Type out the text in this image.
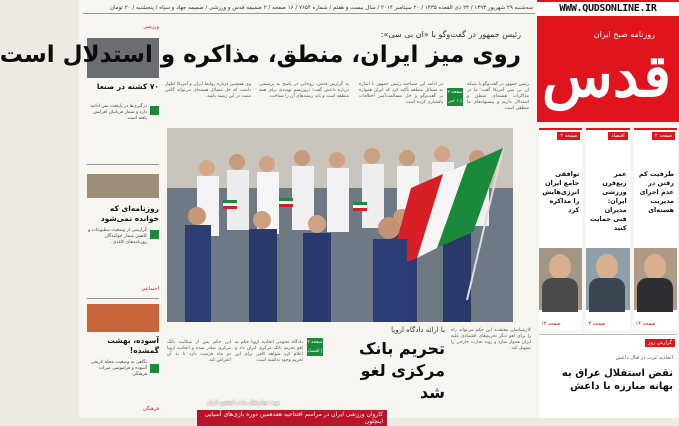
سه‌شنبه ۲۹ شهریور ۱۳۹۳ / ۲۴ ذی القعده ۱۴۳۵ / ۲۰ سپتامبر ۲۰۱۴ / سال بیست و هفتم / شماره ۷۶۵۴ / ۱۶ صفحه / ۲ ضمیمه قدس و ورزشی / ضمیمه جهاد و سپاه / پنجشنبه / ۲۰ تومان	WWW.QUDSONLINE.IR
روزنامه صبح ایران
قدس
صفحه ۲
طرفیت کم رفتن در عدم اجرای مدیریت هسته‌ای
صفحه ۱۴
اقتصاد
عمر ربع‌قرن ورزشی ایران: مدیران فنی حمایت کنید
صفحه ۳
صفحه ۲
توافقی جامع ایران انرژی‌هایش را مذاکره کرد
صفحه ۱۴
گزارش روز
اتحادیه عرب در قبال داعش
نقض استقلال عراق به بهانه مبارزه با داعش
ورزشی
۷۰ کشته در صنعا
درگیری‌ها در پایتخت یمن ادامه دارد و شمار قربانیان افزایش یافته است.
روزنامه‌ای که خوانده نمی‌شود
گزارشی از وضعیت مطبوعات و کاهش شمار خوانندگان روزنامه‌های کاغذی.
اجتماعی
آسوده، بهشت گمشده!
نگاهی به وضعیت محله تاریخی آسوده و فراموشی میراث فرهنگی.
فرهنگی
رئیس جمهور در گفت‌وگو با «ان بی سی»:
روی میز ایران، منطق، مذاکره و استدلال است
رئیس جمهور در گفت‌وگو با شبکه ان بی سی آمریکا گفت: ما در مذاکرات هسته‌ای منطق و استدلال داریم و پیشنهادهای ما منطقی است.
صفحه ۲ | ۱ خبر
در ادامه این مصاحبه رئیس جمهور با اشاره به مسائل منطقه تأکید کرد که ایران همواره بر گفت‌وگو و حل مسالمت‌آمیز اختلافات پافشاری کرده است.
به گزارش قدس، روحانی در پاسخ به پرسشی درباره داعش گفت: تروریسم تهدیدی برای همه منطقه است و باید ریشه‌های آن را شناخت.
وی همچنین درباره روابط ایران و آمریکا اظهار داشت که حل مسائل هسته‌ای می‌تواند گامی مثبت در این زمینه باشد.
تهیه: ستاره‌های ما در اینچئون ایران
کاروان ورزشی ایران در مراسم افتتاحیه هفدهمین دوره بازی‌های آسیایی اینچئون
با ارائه دادگاه اروپا
تحریم بانک مرکزی لغو شد
صفحه ۲ | اقتصاد
دادگاه عمومی اتحادیه اروپا حکم به لغو تحریم بانک مرکزی ایران داد و اعلام کرد شواهد کافی برای این تحریم وجود نداشته است.
این حکم پس از شکایت بانک مرکزی صادر شده و اتحادیه اروپا دو ماه فرصت دارد تا به آن اعتراض کند.
کارشناسان معتقدند این حکم می‌تواند راه را برای لغو دیگر تحریم‌های اقتصادی علیه ایران هموار سازد و روند تجارت خارجی را تسهیل کند.
